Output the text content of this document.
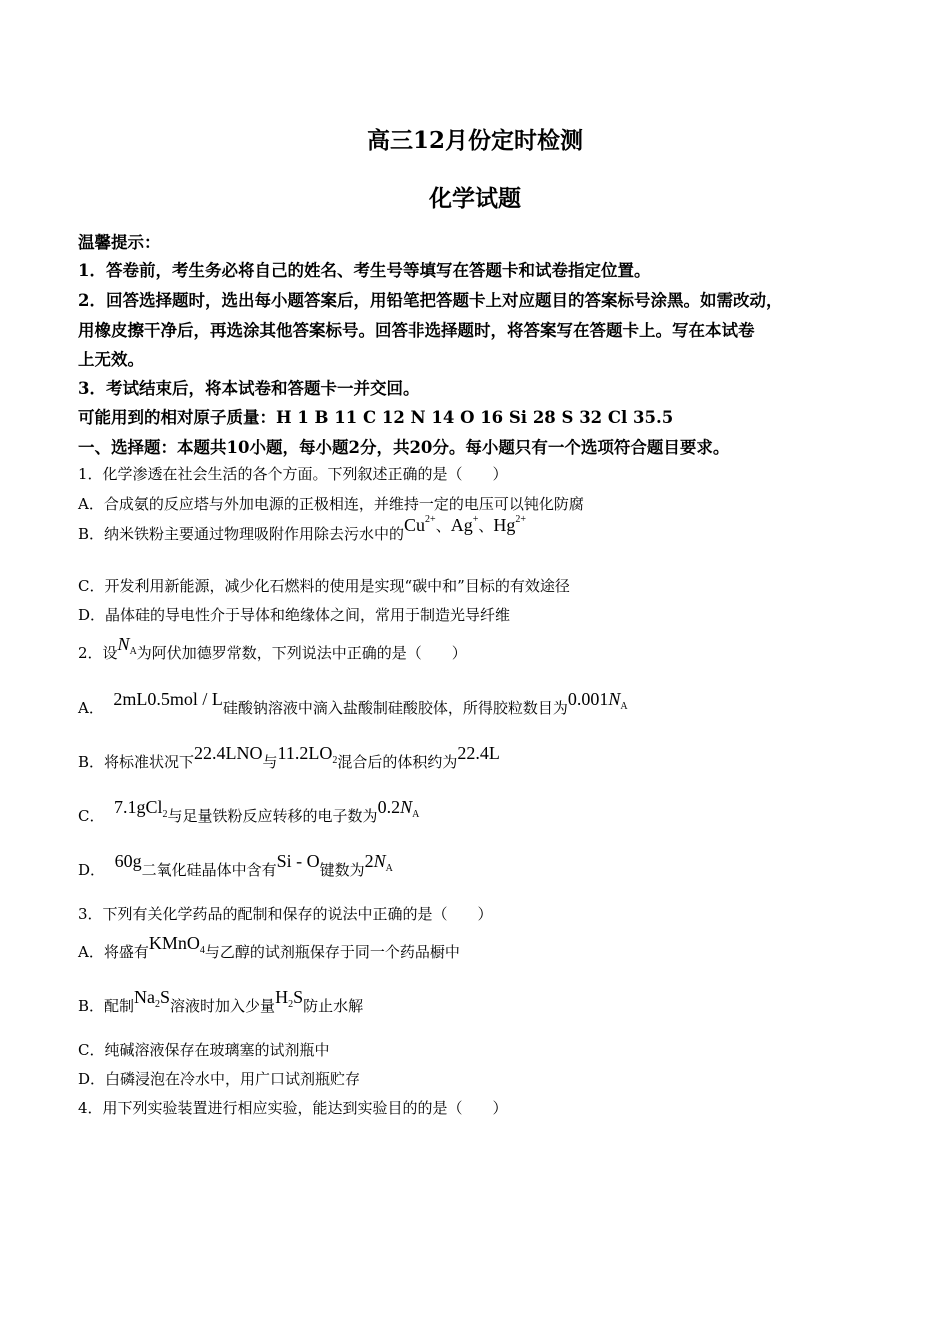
高三12月份定时检测
化学试题
温馨提示：
1．答卷前，考生务必将自己的姓名、考生号等填写在答题卡和试卷指定位置。
2．回答选择题时，选出每小题答案后，用铅笔把答题卡上对应题目的答案标号涂黑。如需改动，
用橡皮擦干净后，再选涂其他答案标号。回答非选择题时，将答案写在答题卡上。写在本试卷
上无效。
3．考试结束后，将本试卷和答题卡一并交回。
可能用到的相对原子质量：H 1 B 11 C 12 N 14 O 16 Si 28 S 32 Cl 35.5
一、选择题：本题共10小题，每小题2分，共20分。每小题只有一个选项符合题目要求。
1．化学渗透在社会生活的各个方面。下列叙述正确的是（　　）
A．合成氨的反应塔与外加电源的正极相连，并维持一定的电压可以钝化防腐
B．纳米铁粉主要通过物理吸附作用除去污水中的$Cu^{2+}$、Ag+、$Hg^{2+}$
C．开发利用新能源，减少化石燃料的使用是实现“碳中和”目标的有效途径
D．晶体硅的导电性介于导体和绝缘体之间，常用于制造光导纤维
2．设$N_A$为阿伏加德罗常数，下列说法中正确的是（　　）
A． 2mL0.5mol / L硅酸钠溶液中滴入盐酸制硅酸胶体，所得胶粒数目为$0.001N_A$
B．将标准状况下22.4LNO与$11.2LO_2$混合后的体积约为22.4L
C． 7.1gCl$_2$与足量铁粉反应转移的电子数为$0.2N_A$
D． 60g二氧化硅晶体中含有Si - O键数为$2N_A$
3．下列有关化学药品的配制和保存的说法中正确的是（　　）
A．将盛有KMnO$_4$与乙醇的试剂瓶保存于同一个药品橱中
B．配制$Na_2S$溶液时加入少量$H_2S$防止水解
C．纯碱溶液保存在玻璃塞的试剂瓶中
D．白磷浸泡在冷水中，用广口试剂瓶贮存
4．用下列实验装置进行相应实验，能达到实验目的的是（　　）
